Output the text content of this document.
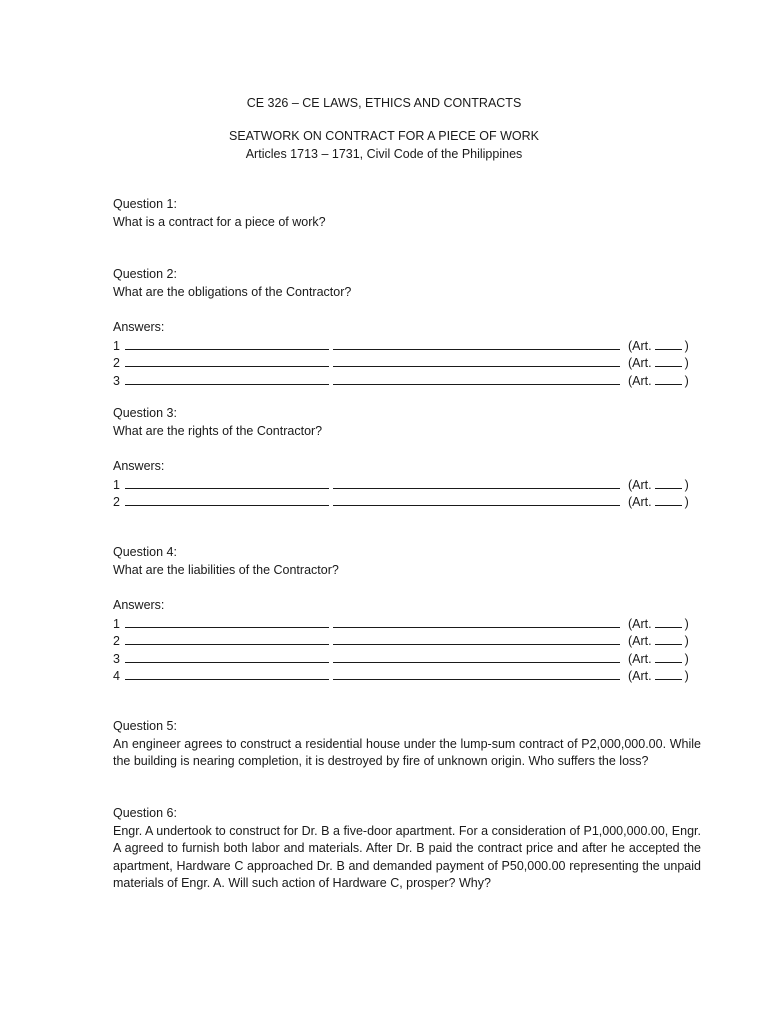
CE 326 – CE LAWS, ETHICS AND CONTRACTS
SEATWORK ON CONTRACT FOR A PIECE OF WORK
Articles 1713 – 1731, Civil Code of the Philippines
Question 1:
What is a contract for a piece of work?
Question 2:
What are the obligations of the Contractor?
Answers:
1	(Art.	)
2	(Art.	)
3	(Art.	)
Question 3:
What are the rights of the Contractor?
Answers:
1	(Art.	)
2	(Art.	)
Question 4:
What are the liabilities of the Contractor?
Answers:
1	(Art.	)
2	(Art.	)
3	(Art.	)
4	(Art.	)
Question 5:
An engineer agrees to construct a residential house under the lump-sum contract of P2,000,000.00. While the building is nearing completion, it is destroyed by fire of unknown origin. Who suffers the loss?
Question 6:
Engr. A undertook to construct for Dr. B a five-door apartment. For a consideration of P1,000,000.00, Engr. A agreed to furnish both labor and materials. After Dr. B paid the contract price and after he accepted the apartment, Hardware C approached Dr. B and demanded payment of P50,000.00 representing the unpaid materials of Engr. A. Will such action of Hardware C, prosper? Why?
